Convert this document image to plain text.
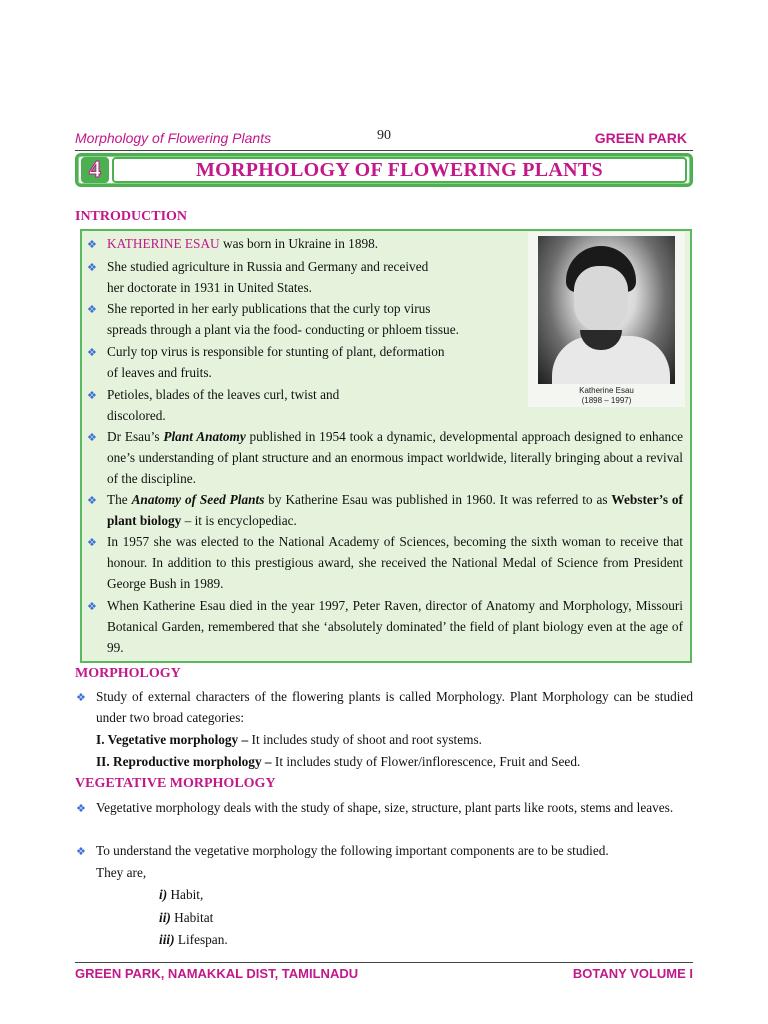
Morphology of Flowering Plants	90	GREEN PARK
4	MORPHOLOGY OF FLOWERING PLANTS
INTRODUCTION
Katherine Esau
(1898 – 1997)
❖ KATHERINE ESAU was born in Ukraine in 1898.
❖ She studied agriculture in Russia and Germany and received
her doctorate in 1931 in United States.
❖ She reported in her early publications that the curly top virus
spreads through a plant via the food- conducting or phloem tissue.
❖ Curly top virus is responsible for stunting of plant, deformation
of leaves and fruits.
❖ Petioles, blades of the leaves curl, twist and
discolored.
❖ Dr Esau’s Plant Anatomy published in 1954 took a dynamic, developmental approach designed to enhance one’s understanding of plant structure and an enormous impact worldwide, literally bringing about a revival of the discipline.
❖ The Anatomy of Seed Plants by Katherine Esau was published in 1960. It was referred to as Webster’s of plant biology – it is encyclopediac.
❖ In 1957 she was elected to the National Academy of Sciences, becoming the sixth woman to receive that honour. In addition to this prestigious award, she received the National Medal of Science from President George Bush in 1989.
❖ When Katherine Esau died in the year 1997, Peter Raven, director of Anatomy and Morphology, Missouri Botanical Garden, remembered that she ‘absolutely dominated’ the field of plant biology even at the age of 99.
MORPHOLOGY
❖ Study of external characters of the flowering plants is called Morphology. Plant Morphology can be studied under two broad categories:
I. Vegetative morphology – It includes study of shoot and root systems.
II. Reproductive morphology – It includes study of Flower/inflorescence, Fruit and Seed.
VEGETATIVE MORPHOLOGY
❖ Vegetative morphology deals with the study of shape, size, structure, plant parts like roots, stems and leaves.
❖ To understand the vegetative morphology the following important components are to be studied.
They are,
i) Habit,
ii) Habitat
iii) Lifespan.
GREEN PARK, NAMAKKAL DIST, TAMILNADU	BOTANY VOLUME I
